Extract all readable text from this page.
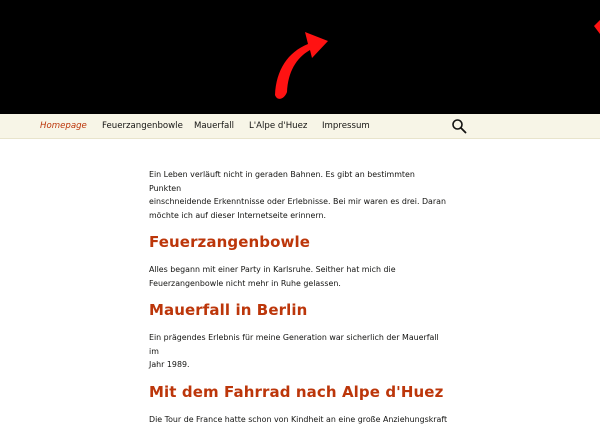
Homepage Feuerzangenbowle Mauerfall L'Alpe d'Huez Impressum

Ein Leben verläuft nicht in geraden Bahnen. Es gibt an bestimmten Punkten
einschneidende Erkenntnisse oder Erlebnisse. Bei mir waren es drei. Daran
möchte ich auf dieser Internetseite erinnern.

Feuerzangenbowle

Alles begann mit einer Party in Karlsruhe. Seither hat mich die
Feuerzangenbowle nicht mehr in Ruhe gelassen.

Mauerfall in Berlin

Ein prägendes Erlebnis für meine Generation war sicherlich der Mauerfall im
Jahr 1989.

Mit dem Fahrrad nach Alpe d'Huez

Die Tour de France hatte schon von Kindheit an eine große Anziehungskraft
